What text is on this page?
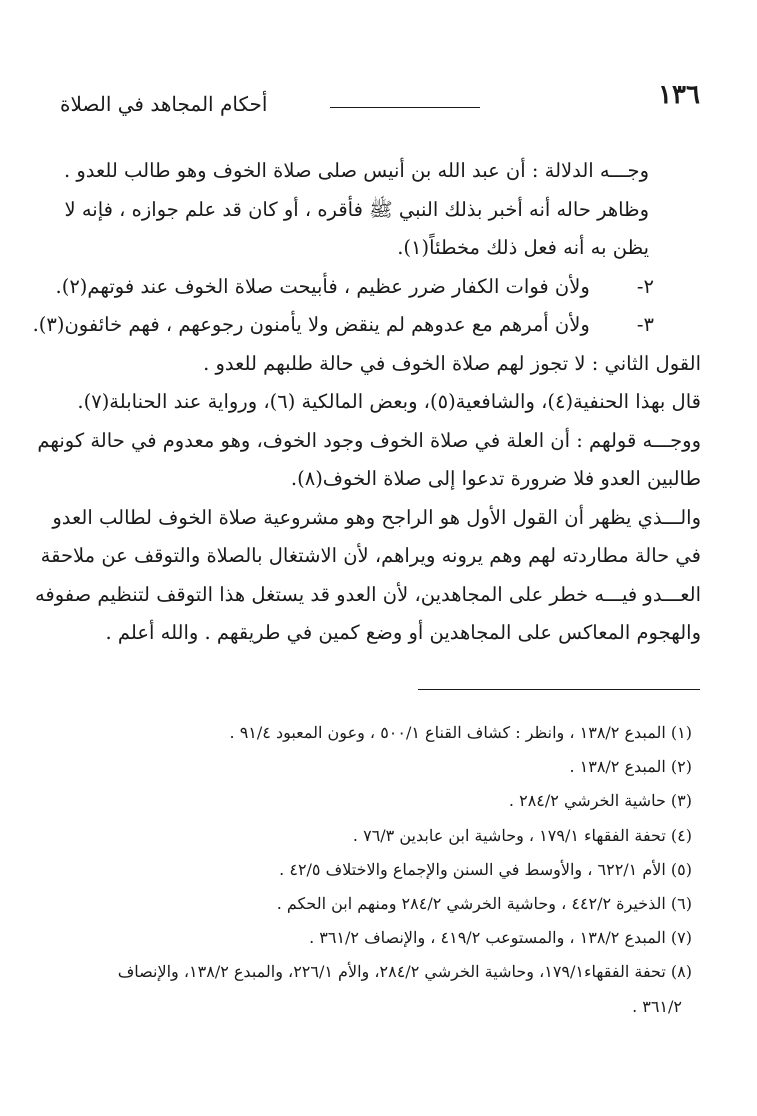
١٣٦
أحكام المجاهد في الصلاة
وجـــه الدلالة : أن عبد الله بن أنيس صلى صلاة الخوف وهو طالب للعدو .
وظاهر حاله أنه أخبر بذلك النبي ﷺ فأقره ، أو كان قد علم جوازه ، فإنه لا
يظن به أنه فعل ذلك مخطئاً(١).
٢- ولأن فوات الكفار ضرر عظيم ، فأبيحت صلاة الخوف عند فوتهم(٢).
٣- ولأن أمرهم مع عدوهم لم ينقض ولا يأمنون رجوعهم ، فهم خائفون(٣).
القول الثاني : لا تجوز لهم صلاة الخوف في حالة طلبهم للعدو .
قال بهذا الحنفية(٤)، والشافعية(٥)، وبعض المالكية (٦)، ورواية عند الحنابلة(٧).
ووجـــه قولهم : أن العلة في صلاة الخوف وجود الخوف، وهو معدوم في حالة كونهم
طالبين العدو فلا ضرورة تدعوا إلى صلاة الخوف(٨).
والـــذي يظهر أن القول الأول هو الراجح وهو مشروعية صلاة الخوف لطالب العدو
في حالة مطاردته لهم وهم يرونه ويراهم، لأن الاشتغال بالصلاة والتوقف عن ملاحقة
العـــدو فيـــه خطر على المجاهدين، لأن العدو قد يستغل هذا التوقف لتنظيم صفوفه
والهجوم المعاكس على المجاهدين أو وضع كمين في طريقهم . والله أعلم .
(١) المبدع ١٣٨/٢ ، وانظر : كشاف القناع ٥٠٠/١ ، وعون المعبود ٩١/٤ .
(٢) المبدع ١٣٨/٢ .
(٣) حاشية الخرشي ٢٨٤/٢ .
(٤) تحفة الفقهاء ١٧٩/١ ، وحاشية ابن عابدين ٧٦/٣ .
(٥) الأم ٦٢٢/١ ، والأوسط في السنن والإجماع والاختلاف ٤٢/٥ .
(٦) الذخيرة ٤٤٢/٢ ، وحاشية الخرشي ٢٨٤/٢ ومنهم ابن الحكم .
(٧) المبدع ١٣٨/٢ ، والمستوعب ٤١٩/٢ ، والإنصاف ٣٦١/٢ .
(٨) تحفة الفقهاء١٧٩/١، وحاشية الخرشي ٢٨٤/٢، والأم ٢٢٦/١، والمبدع ١٣٨/٢، والإنصاف
٣٦١/٢ .
